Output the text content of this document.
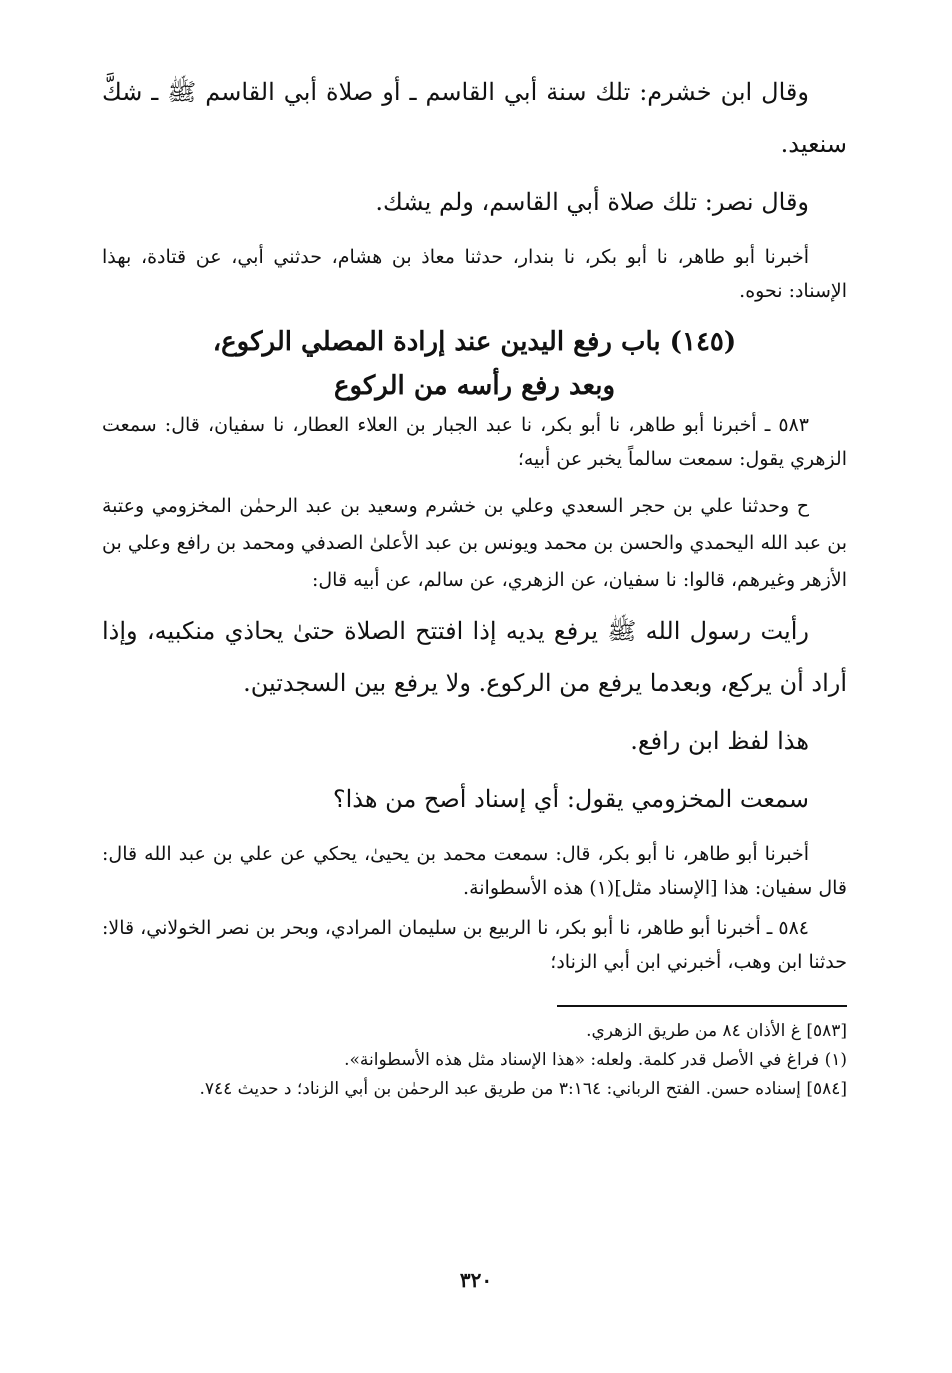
وقال ابن خشرم: تلك سنة أبي القاسم ـ أو صلاة أبي القاسم ﷺ ـ شكَّ سنعيد.

وقال نصر: تلك صلاة أبي القاسم، ولم يشك.

أخبرنا أبو طاهر، نا أبو بكر، نا بندار، حدثنا معاذ بن هشام، حدثني أبي، عن قتادة، بهذا الإسناد: نحوه.

(١٤٥) باب رفع اليدين عند إرادة المصلي الركوع،
وبعد رفع رأسه من الركوع

٥٨٣ ـ أخبرنا أبو طاهر، نا أبو بكر، نا عبد الجبار بن العلاء العطار، نا سفيان، قال: سمعت الزهري يقول: سمعت سالماً يخبر عن أبيه؛

ح وحدثنا علي بن حجر السعدي وعلي بن خشرم وسعيد بن عبد الرحمٰن المخزومي وعتبة بن عبد الله اليحمدي والحسن بن محمد ويونس بن عبد الأعلىٰ الصدفي ومحمد بن رافع وعلي بن الأزهر وغيرهم، قالوا: نا سفيان، عن الزهري، عن سالم، عن أبيه قال:

رأيت رسول الله ﷺ يرفع يديه إذا افتتح الصلاة حتىٰ يحاذي منكبيه، وإذا أراد أن يركع، وبعدما يرفع من الركوع. ولا يرفع بين السجدتين.

هذا لفظ ابن رافع.

سمعت المخزومي يقول: أي إسناد أصح من هذا؟

أخبرنا أبو طاهر، نا أبو بكر، قال: سمعت محمد بن يحيىٰ، يحكي عن علي بن عبد الله قال: قال سفيان: هذا [الإسناد مثل](١) هذه الأسطوانة.

٥٨٤ ـ أخبرنا أبو طاهر، نا أبو بكر، نا الربيع بن سليمان المرادي، وبحر بن نصر الخولاني، قالا: حدثنا ابن وهب، أخبرني ابن أبي الزناد؛

[٥٨٣] غ الأذان ٨٤ من طريق الزهري.

(١) فراغ في الأصل قدر كلمة. ولعله: «هذا الإسناد مثل هذه الأسطوانة».

[٥٨٤] إسناده حسن. الفتح الرباني: ٣:١٦٤ من طريق عبد الرحمٰن بن أبي الزناد؛ د حديث ٧٤٤.

٣٢٠
